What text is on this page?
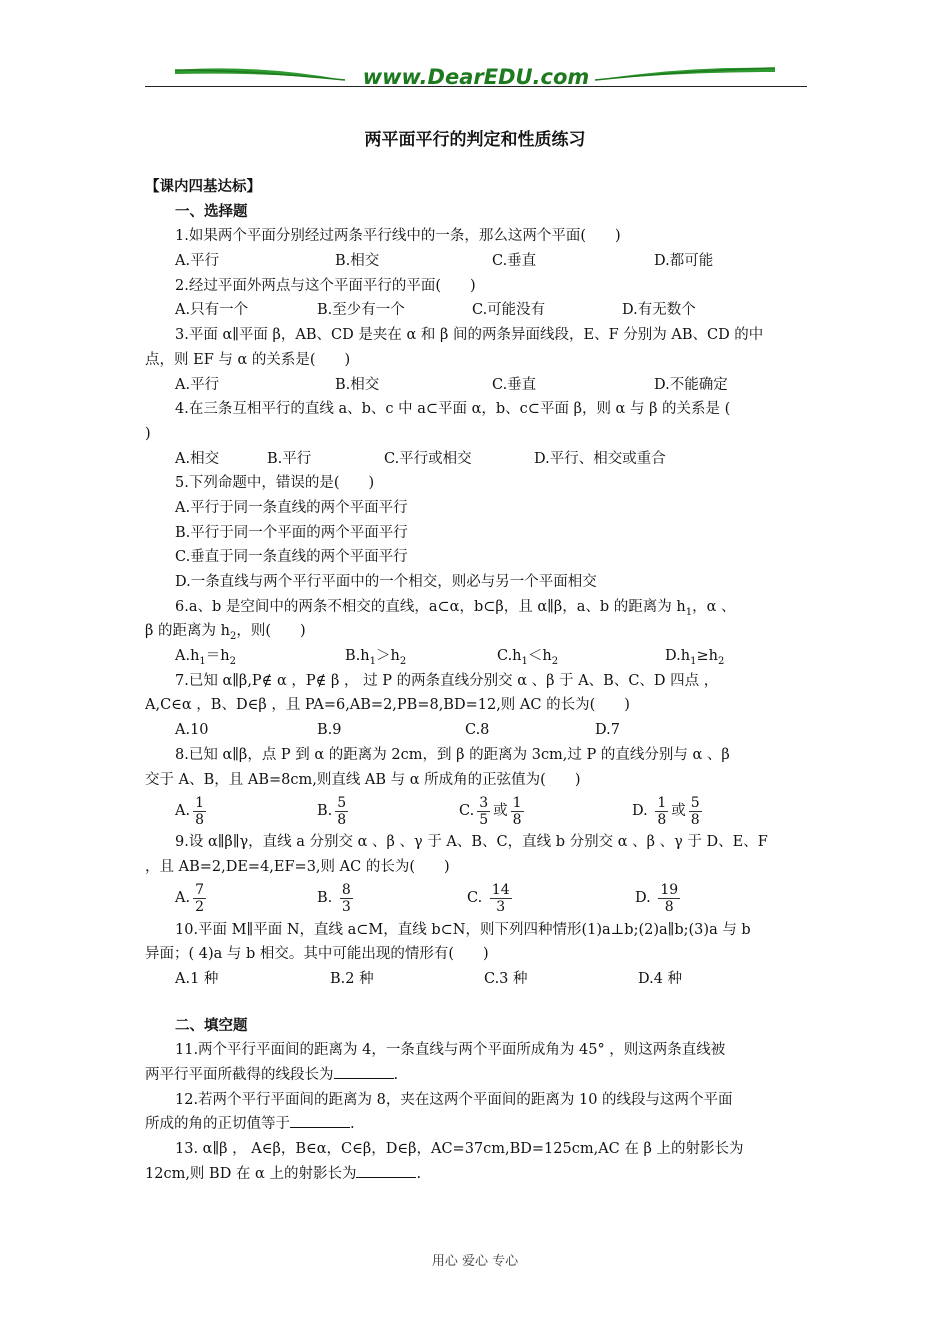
www.DearEDU.com
两平面平行的判定和性质练习
【课内四基达标】
一、选择题
1.如果两个平面分别经过两条平行线中的一条，那么这两个平面(　　)
A.平行	B.相交	C.垂直	D.都可能
2.经过平面外两点与这个平面平行的平面(　　)
A.只有一个	B.至少有一个	C.可能没有	D.有无数个
3.平面 α∥平面 β，AB、CD 是夹在 α 和 β 间的两条异面线段，E、F 分别为 AB、CD 的中
点，则 EF 与 α 的关系是(　　)
A.平行	B.相交	C.垂直	D.不能确定
4.在三条互相平行的直线 a、b、c 中 a⊂平面 α，b、c⊂平面 β，则 α 与 β 的关系是 (
)
A.相交	B.平行	C.平行或相交	D.平行、相交或重合
5.下列命题中，错误的是(　　)
A.平行于同一条直线的两个平面平行
B.平行于同一个平面的两个平面平行
C.垂直于同一条直线的两个平面平行
D.一条直线与两个平行平面中的一个相交，则必与另一个平面相交
6.a、b 是空间中的两条不相交的直线，a⊂α，b⊂β，且 α∥β，a、b 的距离为 $h_1$，α 、
β 的距离为 $h_2$，则(　　)
$A.h_1=h_2$	$B.h_1>h_2$	$C.h_1<h_2$	$D.h_1\ge h_2$
7.已知 α∥β,P∉ α ，P∉ β ， 过 P 的两条直线分别交 α 、β 于 A、B、C、D 四点 ，
A,C∈α ，B、D∈β ，且 PA=6,AB=2,PB=8,BD=12,则 AC 的长为(　　)
A.10	B.9	C.8	D.7
8.已知 α∥β，点 P 到 α 的距离为 2cm，到 β 的距离为 3cm,过 P 的直线分别与 α 、β
交于 A、B，且 AB=8cm,则直线 AB 与 α 所成角的正弦值为(　　)
A. $\frac{1}{8}$	B. $\frac{5}{8}$	C. $\frac{3}{5}$ 或 $\frac{1}{8}$	D.
$\frac{1}{8}$ 或 $\frac{5}{8}$
9.设 α∥β∥γ，直线 a 分别交 α 、β 、γ 于 A、B、C，直线 b 分别交 α 、β 、γ 于 D、E、F
，且 AB=2,DE=4,EF=3,则 AC 的长为(　　)
A. $\frac{7}{2}$	B.
$\frac{8}{3}$	C.
$\frac{14}{3}$	D.
$\frac{19}{8}$
10.平面 M∥平面 N，直线 a⊂M，直线 b⊂N，则下列四种情形(1)a⊥b;(2)a∥b;(3)a 与 b
异面；( 4)a 与 b 相交。其中可能出现的情形有(　　)
A.1 种	B.2 种	C.3 种	D.4 种
二、填空题
11.两个平行平面间的距离为 4，一条直线与两个平面所成角为 45° ，则这两条直线被
两平行平面所截得的线段长为	.
12.若两个平行平面间的距离为 8，夹在这两个平面间的距离为 10 的线段与这两个平面
所成的角的正切值等于	.
13. α∥β ， A∈β，B∈α，C∈β，D∈β，AC=37cm,BD=125cm,AC 在 β 上的射影长为
12cm,则 BD 在 α 上的射影长为	.
用心 爱心 专心
